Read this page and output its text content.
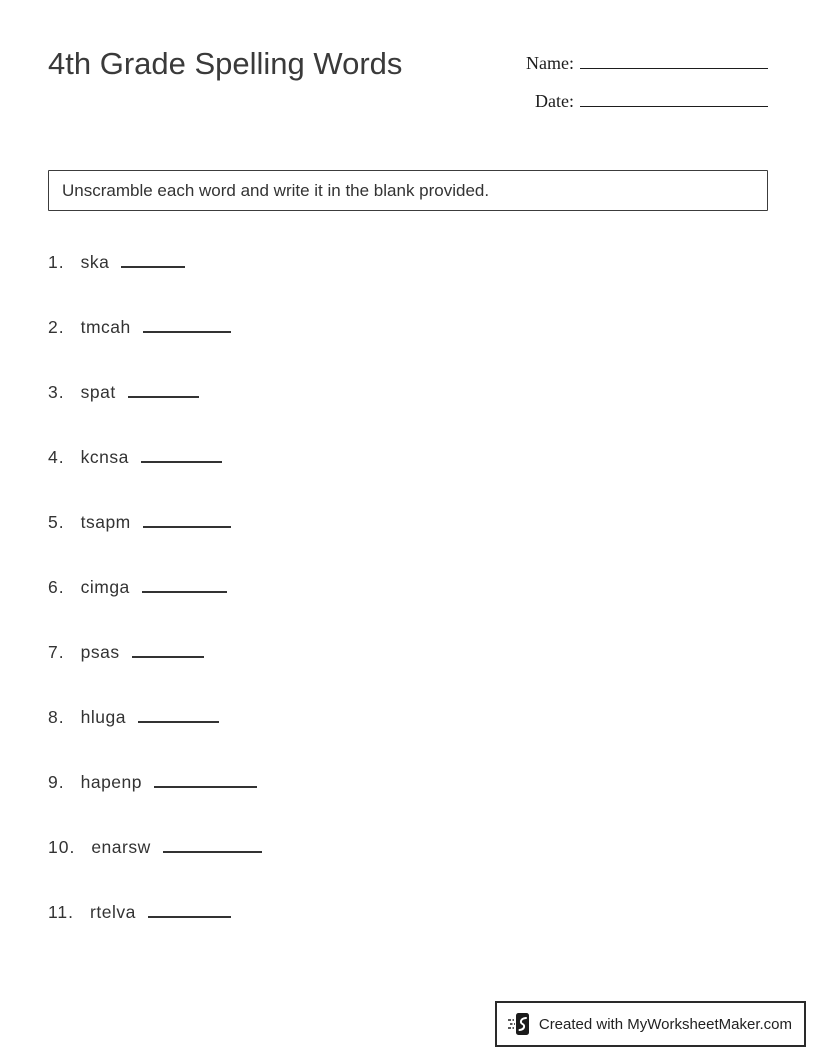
4th Grade Spelling Words	Name:
Date:
Unscramble each word and write it in the blank provided.
1. ska
2. tmcah
3. spat
4. kcnsa
5. tsapm
6. cimga
7. psas
8. hluga
9. hapenp
10. enarsw
11. rtelva
Created with MyWorksheetMaker.com
